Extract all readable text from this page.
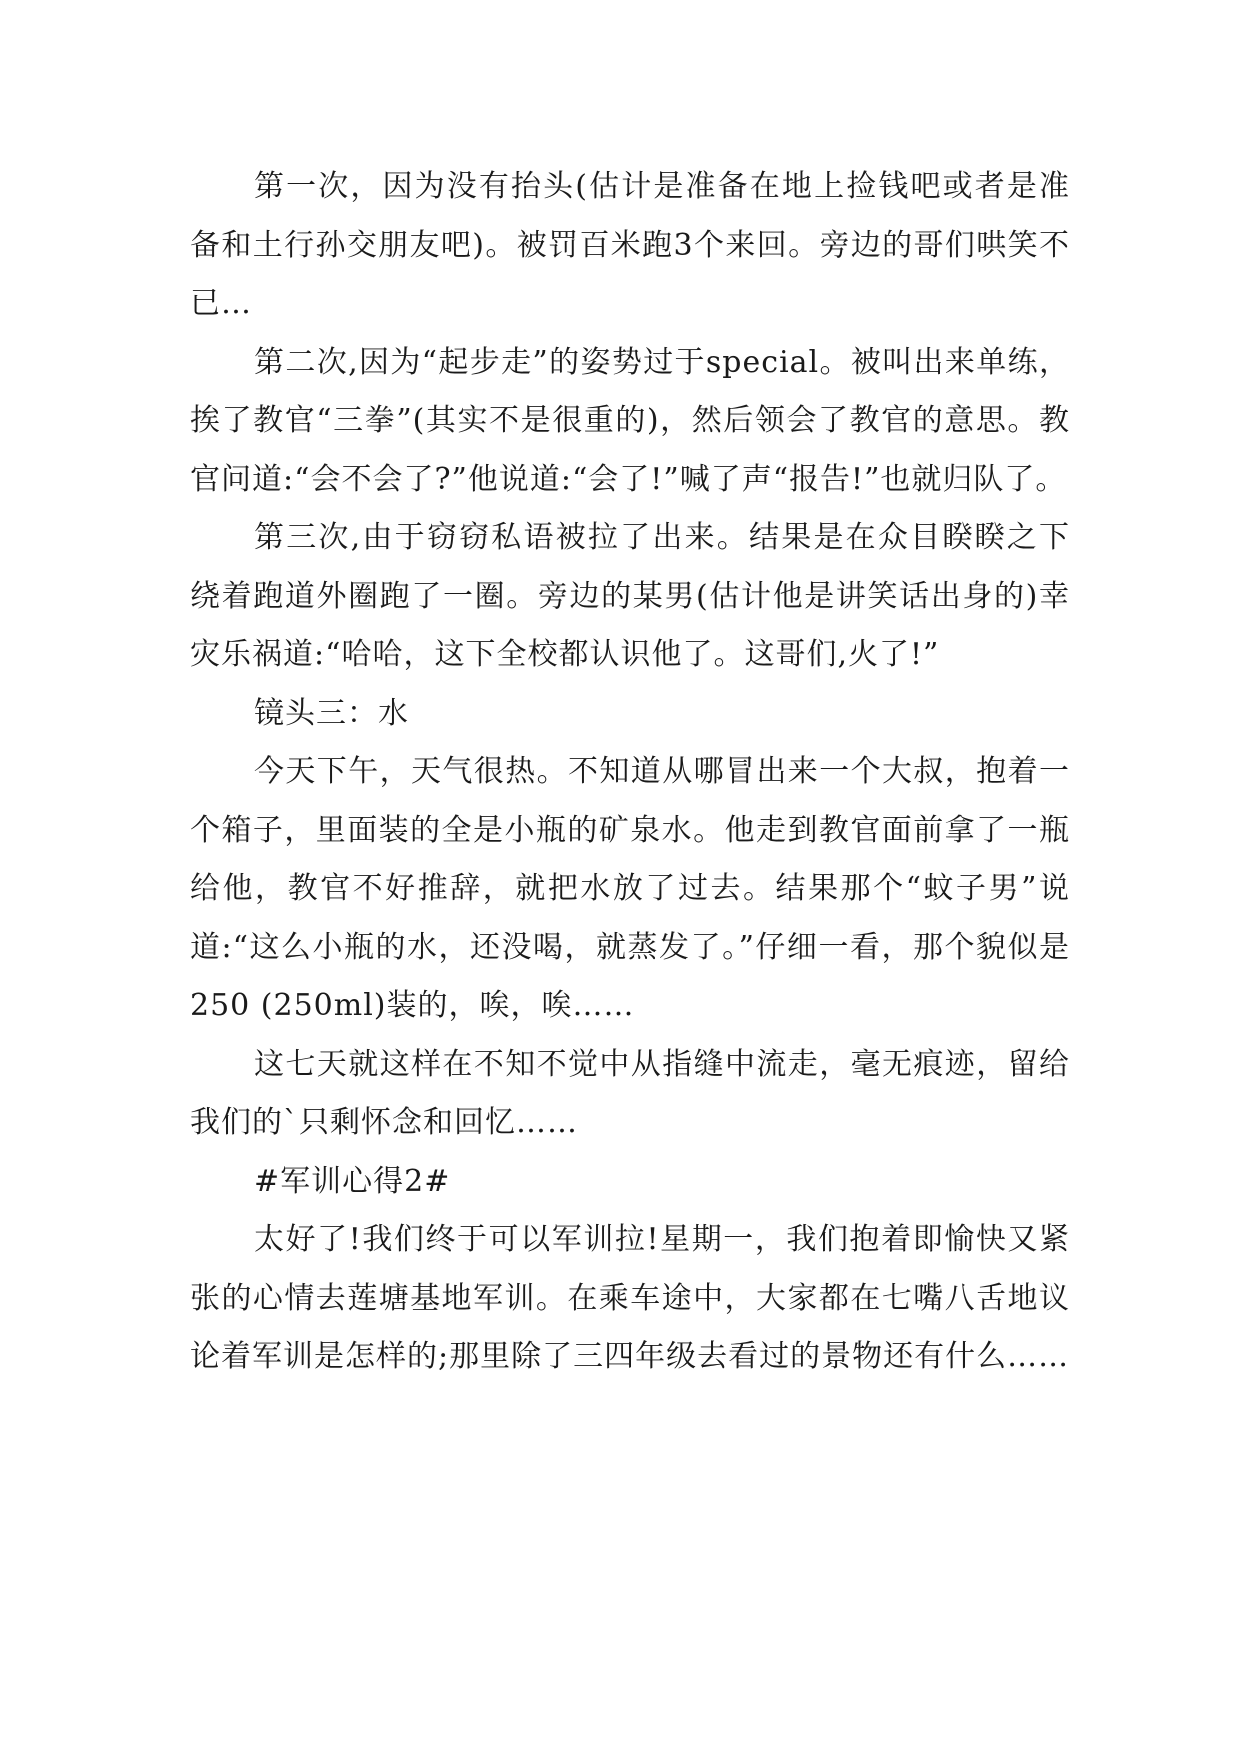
第一次，因为没有抬头(估计是准备在地上捡钱吧或者是准备和土行孙交朋友吧)。被罚百米跑3个来回。旁边的哥们哄笑不已…

第二次,因为“起步走”的姿势过于special。被叫出来单练，挨了教官“三拳”(其实不是很重的)，然后领会了教官的意思。教官问道:“会不会了?”他说道:“会了!”喊了声“报告!”也就归队了。

第三次,由于窃窃私语被拉了出来。结果是在众目睽睽之下绕着跑道外圈跑了一圈。旁边的某男(估计他是讲笑话出身的)幸灾乐祸道:“哈哈，这下全校都认识他了。这哥们,火了!”

镜头三：水

今天下午，天气很热。不知道从哪冒出来一个大叔，抱着一个箱子，里面装的全是小瓶的矿泉水。他走到教官面前拿了一瓶给他，教官不好推辞，就把水放了过去。结果那个“蚊子男”说道:“这么小瓶的水，还没喝，就蒸发了。”仔细一看，那个貌似是250 (250ml)装的，唉，唉……

这七天就这样在不知不觉中从指缝中流走，毫无痕迹，留给我们的`只剩怀念和回忆……

#军训心得2#

太好了!我们终于可以军训拉!星期一，我们抱着即愉快又紧张的心情去莲塘基地军训。在乘车途中，大家都在七嘴八舌地议论着军训是怎样的;那里除了三四年级去看过的景物还有什么……
